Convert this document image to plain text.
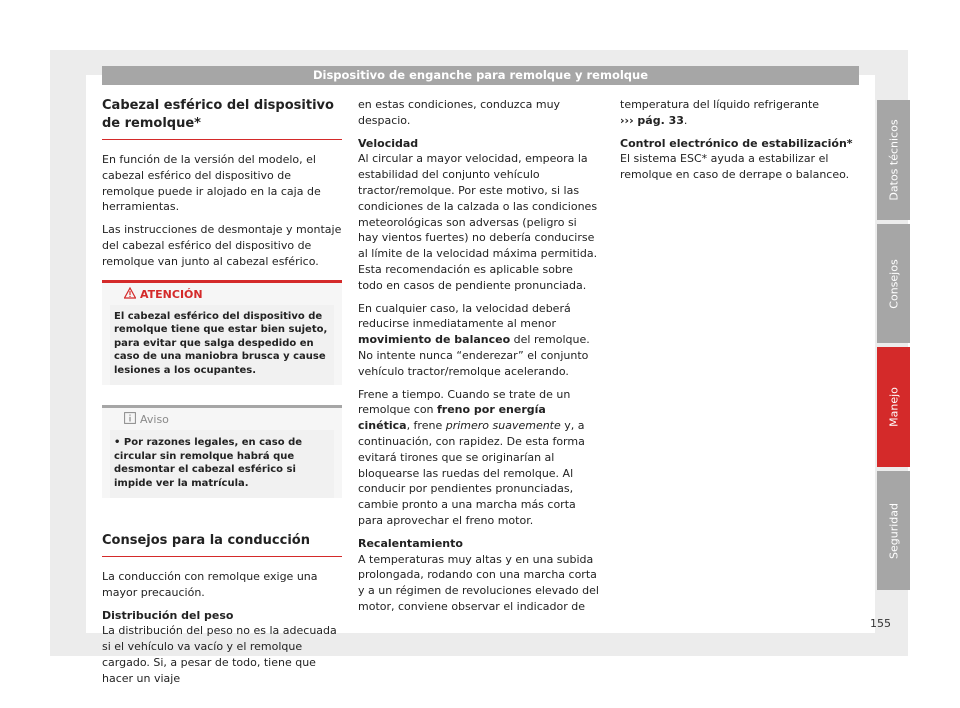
Dispositivo de enganche para remolque y remolque
Cabezal esférico del dispositivo de remolque*

En función de la versión del modelo, el cabezal esférico del dispositivo de remolque puede ir alojado en la caja de herramientas.

Las instrucciones de desmontaje y montaje del cabezal esférico del dispositivo de remolque van junto al cabezal esférico.

ATENCIÓN
El cabezal esférico del dispositivo de remolque tiene que estar bien sujeto, para evitar que salga despedido en caso de una maniobra brusca y cause lesiones a los ocupantes.
Aviso
• Por razones legales, en caso de circular sin remolque habrá que desmontar el cabezal esférico si impide ver la matrícula.
Consejos para la conducción

La conducción con remolque exige una mayor precaución.

Distribución del peso

La distribución del peso no es la adecuada si el vehículo va vacío y el remolque cargado. Si, a pesar de todo, tiene que hacer un viaje

en estas condiciones, conduzca muy despacio.

Velocidad

Al circular a mayor velocidad, empeora la estabilidad del conjunto vehículo tractor/remolque. Por este motivo, si las condiciones de la calzada o las condiciones meteorológicas son adversas (peligro si hay vientos fuertes) no debería conducirse al límite de la velocidad máxima permitida. Esta recomendación es aplicable sobre todo en casos de pendiente pronunciada.

En cualquier caso, la velocidad deberá reducirse inmediatamente al menor movimiento de balanceo del remolque. No intente nunca “enderezar” el conjunto vehículo tractor/remolque acelerando.

Frene a tiempo. Cuando se trate de un remolque con freno por energía cinética, frene primero suavemente y, a continuación, con rapidez. De esta forma evitará tirones que se originarían al bloquearse las ruedas del remolque. Al conducir por pendientes pronunciadas, cambie pronto a una marcha más corta para aprovechar el freno motor.

Recalentamiento

A temperaturas muy altas y en una subida prolongada, rodando con una marcha corta y a un régimen de revoluciones elevado del motor, conviene observar el indicador de

temperatura del líquido refrigerante
››› pág. 33.

Control electrónico de estabilización*

El sistema ESC* ayuda a estabilizar el remolque en caso de derrape o balanceo.	Datos técnicos
Consejos
Manejo
Seguridad
155
